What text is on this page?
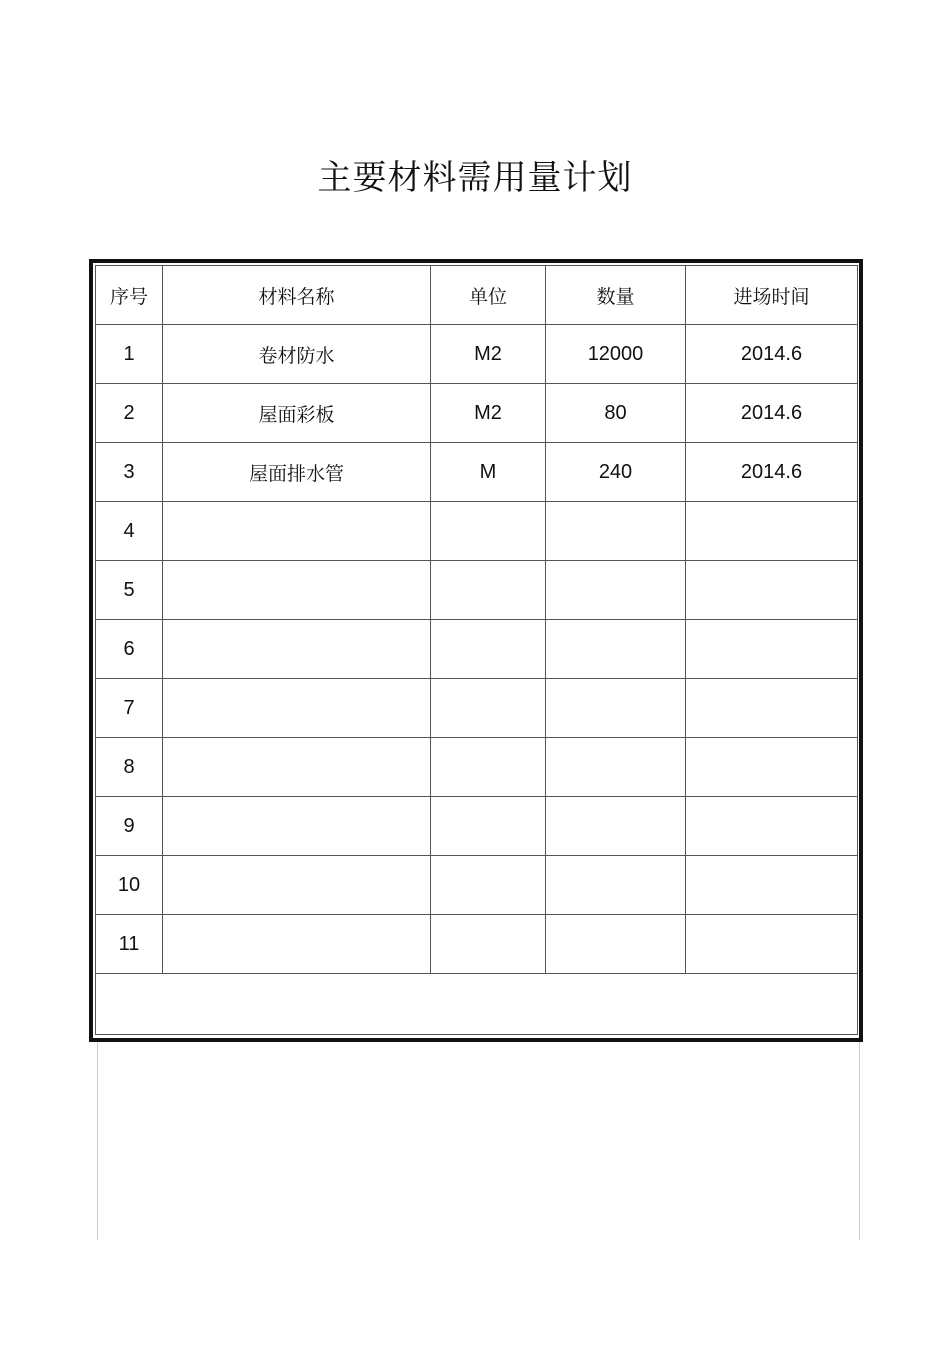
主要材料需用量计划
序号	材料名称	单位	数量	进场时间
1	卷材防水	M2	12000	2014.6
2	屋面彩板	M2	80	2014.6
3	屋面排水管	M	240	2014.6
4				
5				
6				
7				
8				
9				
10				
11				
